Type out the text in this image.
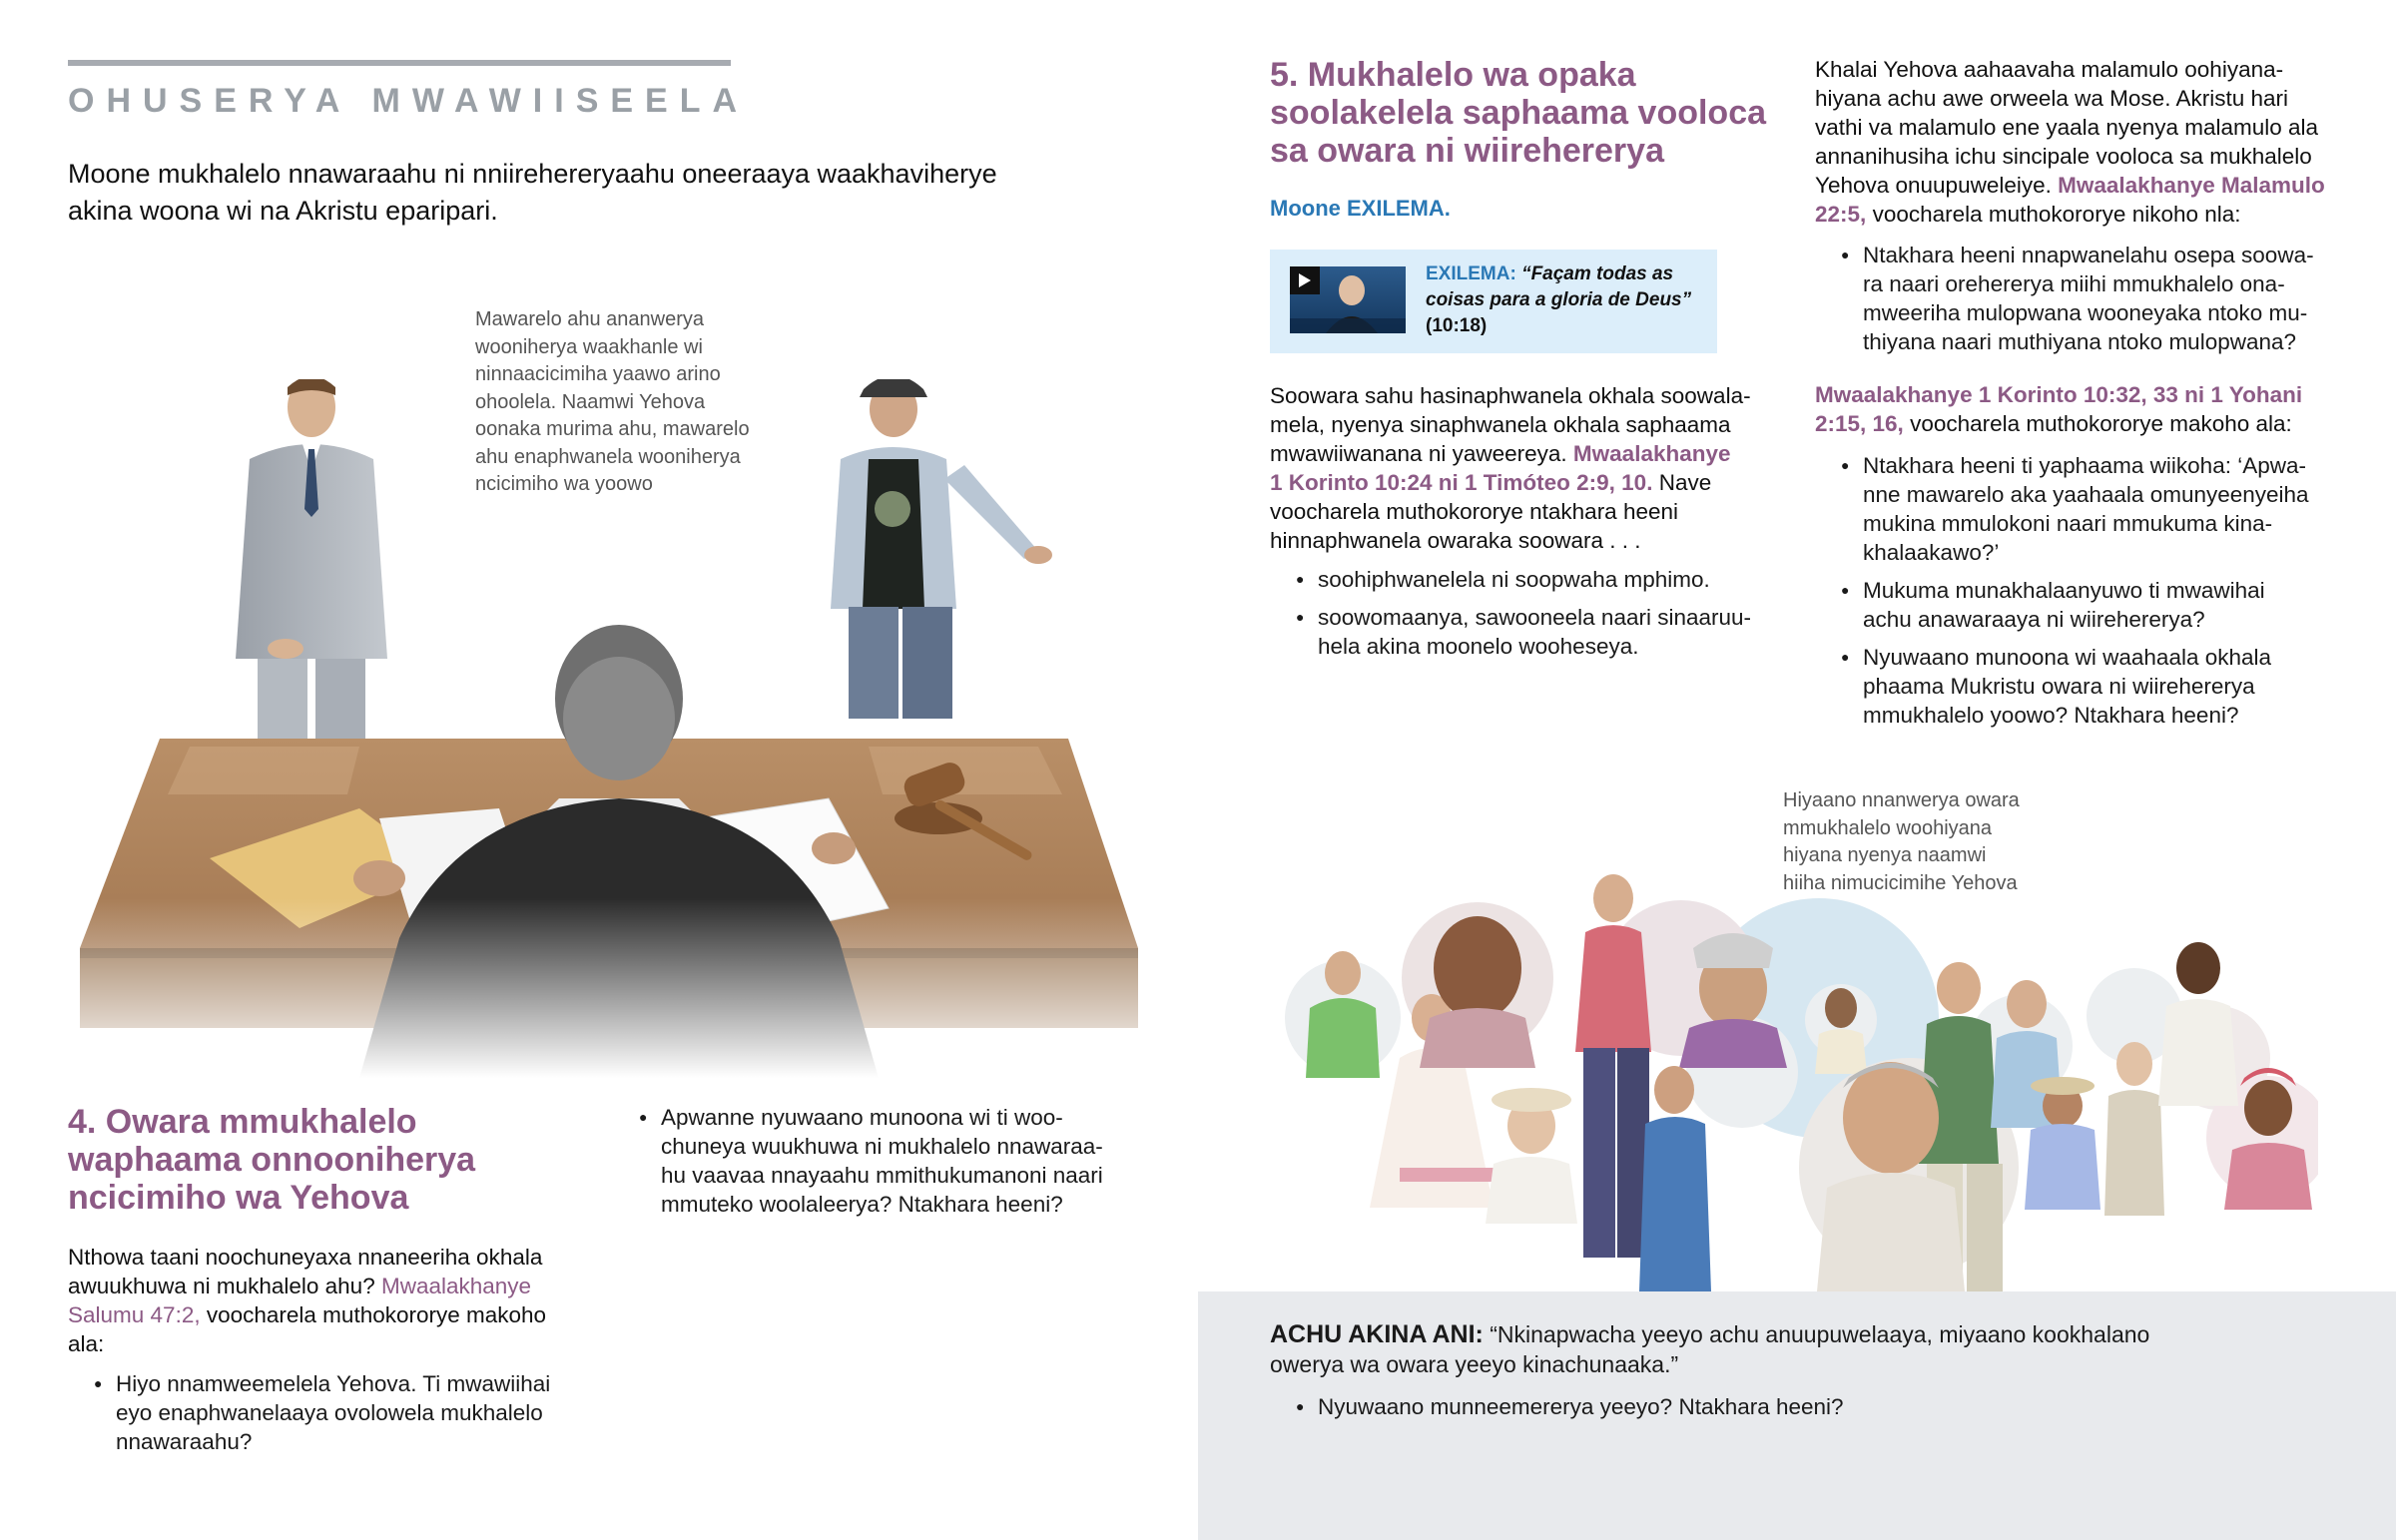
OHUSERYA MWAWIISEELA
Moone mukhalelo nnawaraahu ni nniirehereryaahu oneeraaya waakhaviherye akina woona wi na Akristu eparipari.
Mawarelo ahu ananwerya
wooniherya waakhanle wi
ninnaacicimiha yaawo arino
ohoolela. Naamwi Yehova
oonaka murima ahu, mawarelo
ahu enaphwanela wooniherya
ncicimiho wa yoowo
4. Owara mmukhalelo
waphaama onnooniherya
ncicimiho wa Yehova
Nthowa taani noochuneyaxa nnaneeriha okhala
awuukhuwa ni mukhalelo ahu? Mwaalakhanye
Salumu 47:2, voocharela muthokororye makoho
ala:
● Hiyo nnamweemelela Yehova. Ti mwawiihai
eyo enaphwanelaaya ovolowela mukhalelo
nnawaraahu?
● Apwanne nyuwaano munoona wi ti woo-
chuneya wuukhuwa ni mukhalelo nnawaraa-
hu vaavaa nnayaahu mmithukumanoni naari
mmuteko woolaleerya? Ntakhara heeni?
5. Mukhalelo wa opaka
soolakelela saphaama vooloca
sa owara ni wiirehererya
Moone EXILEMA.
EXILEMA: “Façam todas as
coisas para a gloria de Deus”
(10:18)
Soowara sahu hasinaphwanela okhala soowala-
mela, nyenya sinaphwanela okhala saphaama
mwawiiwanana ni yaweereya. Mwaalakhanye
1 Korinto 10:24 ni 1 Timóteo 2:9, 10. Nave
voocharela muthokororye ntakhara heeni
hinnaphwanela owaraka soowara . . .
● soohiphwanelela ni soopwaha mphimo.
● soowomaanya, sawooneela naari sinaaruu-
hela akina moonelo wooheseya.
Khalai Yehova aahaavaha malamulo oohiyana-
hiyana achu awe orweela wa Mose. Akristu hari
vathi va malamulo ene yaala nyenya malamulo ala
annanihusiha ichu sincipale vooloca sa mukhalelo
Yehova onuupuweleiye. Mwaalakhanye Malamulo
22:5, voocharela muthokororye nikoho nla:
● Ntakhara heeni nnapwanelahu osepa soowa-
ra naari orehererya miihi mmukhalelo ona-
mweeriha mulopwana wooneyaka ntoko mu-
thiyana naari muthiyana ntoko mulopwana?
Mwaalakhanye 1 Korinto 10:32, 33 ni 1 Yohani
2:15, 16, voocharela muthokororye makoho ala:
● Ntakhara heeni ti yaphaama wiikoha: ‘Apwa-
nne mawarelo aka yaahaala omunyeenyeiha
mukina mmulokoni naari mmukuma kina-
khalaakawo?’
● Mukuma munakhalaanyuwo ti mwawihai
achu anawaraaya ni wiirehererya?
● Nyuwaano munoona wi waahaala okhala
phaama Mukristu owara ni wiirehererya
mmukhalelo yoowo? Ntakhara heeni?
Hiyaano nnanwerya owara
mmukhalelo woohiyana
hiyana nyenya naamwi
hiiha nimucicimihe Yehova
ACHU AKINA ANI: “Nkinapwacha yeeyo achu anuupuwelaaya, miyaano kookhalano
owerya wa owara yeeyo kinachunaaka.”
● Nyuwaano munneemererya yeeyo? Ntakhara heeni?
